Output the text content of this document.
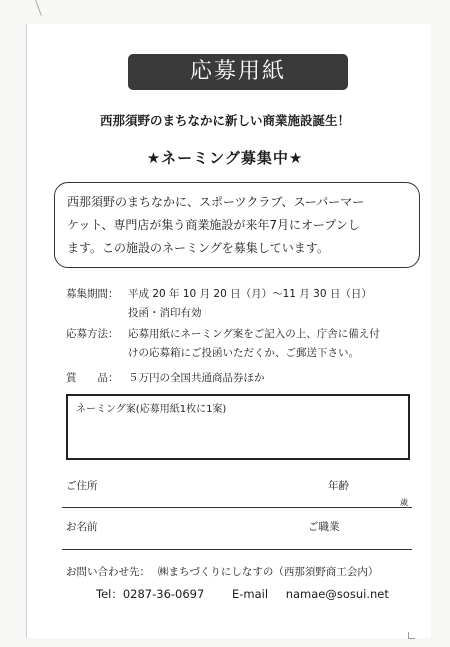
応募用紙
西那須野のまちなかに新しい商業施設誕生！
★ネーミング募集中★
西那須野のまちなかに、スポーツクラブ、スーパーマー
ケット、専門店が集う商業施設が来年7月にオープンし
ます。この施設のネーミングを募集しています。
募集期間： 平成 20 年 10 月 20 日（月）～11 月 30 日（日）
投函・消印有効
応募方法： 応募用紙にネーミング案をご記入の上、庁舎に備え付
けの応募箱にご投函いただくか、ご郵送下さい。
賞　　品： ５万円の全国共通商品券ほか
ネーミング案(応募用紙1枚に1案)
ご住所	年齢
歳
お名前	ご職業
お問い合わせ先： ㈱まちづくりにしなすの（西那須野商工会内）
Tel：0287-36-0697 E-mail namae@sosui.net
